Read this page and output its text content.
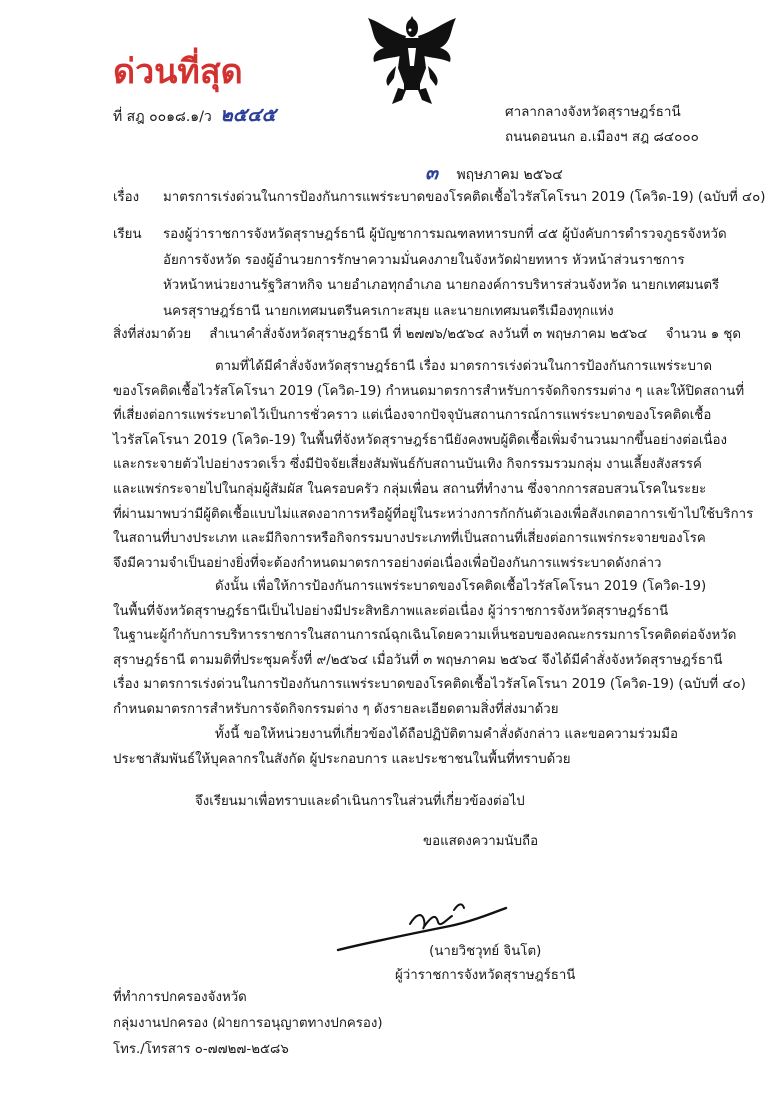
ด่วนที่สุด
ที่ สฎ ๐๐๑๘.๑/ว ๒๕๔๕	ศาลากลางจังหวัดสุราษฎร์ธานี
ถนนดอนนก อ.เมืองฯ สฎ ๘๔๐๐๐
๓ พฤษภาคม ๒๕๖๔
เรื่อง มาตรการเร่งด่วนในการป้องกันการแพร่ระบาดของโรคติดเชื้อไวรัสโคโรนา 2019 (โควิด-19) (ฉบับที่ ๔๐)
เรียน รองผู้ว่าราชการจังหวัดสุราษฎร์ธานี ผู้บัญชาการมณฑลทหารบกที่ ๔๕ ผู้บังคับการตำรวจภูธรจังหวัด
อัยการจังหวัด รองผู้อำนวยการรักษาความมั่นคงภายในจังหวัดฝ่ายทหาร หัวหน้าส่วนราชการ
หัวหน้าหน่วยงานรัฐวิสาหกิจ นายอำเภอทุกอำเภอ นายกองค์การบริหารส่วนจังหวัด นายกเทศมนตรี
นครสุราษฎร์ธานี นายกเทศมนตรีนครเกาะสมุย และนายกเทศมนตรีเมืองทุกแห่ง
สิ่งที่ส่งมาด้วย สำเนาคำสั่งจังหวัดสุราษฎร์ธานี ที่ ๒๗๗๖/๒๕๖๔ ลงวันที่ ๓ พฤษภาคม ๒๕๖๔ จำนวน ๑ ชุด
ตามที่ได้มีคำสั่งจังหวัดสุราษฎร์ธานี เรื่อง มาตรการเร่งด่วนในการป้องกันการแพร่ระบาด
ของโรคติดเชื้อไวรัสโคโรนา 2019 (โควิด-19) กำหนดมาตรการสำหรับการจัดกิจกรรมต่าง ๆ และให้ปิดสถานที่
ที่เสี่ยงต่อการแพร่ระบาดไว้เป็นการชั่วคราว แต่เนื่องจากปัจจุบันสถานการณ์การแพร่ระบาดของโรคติดเชื้อ
ไวรัสโคโรนา 2019 (โควิด-19) ในพื้นที่จังหวัดสุราษฎร์ธานียังคงพบผู้ติดเชื้อเพิ่มจำนวนมากขึ้นอย่างต่อเนื่อง
และกระจายตัวไปอย่างรวดเร็ว ซึ่งมีปัจจัยเสี่ยงสัมพันธ์กับสถานบันเทิง กิจกรรมรวมกลุ่ม งานเลี้ยงสังสรรค์
และแพร่กระจายไปในกลุ่มผู้สัมผัส ในครอบครัว กลุ่มเพื่อน สถานที่ทำงาน ซึ่งจากการสอบสวนโรคในระยะ
ที่ผ่านมาพบว่ามีผู้ติดเชื้อแบบไม่แสดงอาการหรือผู้ที่อยู่ในระหว่างการกักกันตัวเองเพื่อสังเกตอาการเข้าไปใช้บริการ
ในสถานที่บางประเภท และมีกิจการหรือกิจกรรมบางประเภทที่เป็นสถานที่เสี่ยงต่อการแพร่กระจายของโรค
จึงมีความจำเป็นอย่างยิ่งที่จะต้องกำหนดมาตรการอย่างต่อเนื่องเพื่อป้องกันการแพร่ระบาดดังกล่าว
ดังนั้น เพื่อให้การป้องกันการแพร่ระบาดของโรคติดเชื้อไวรัสโคโรนา 2019 (โควิด-19)
ในพื้นที่จังหวัดสุราษฎร์ธานีเป็นไปอย่างมีประสิทธิภาพและต่อเนื่อง ผู้ว่าราชการจังหวัดสุราษฎร์ธานี
ในฐานะผู้กำกับการบริหารราชการในสถานการณ์ฉุกเฉินโดยความเห็นชอบของคณะกรรมการโรคติดต่อจังหวัด
สุราษฎร์ธานี ตามมติที่ประชุมครั้งที่ ๙/๒๕๖๔ เมื่อวันที่ ๓ พฤษภาคม ๒๕๖๔ จึงได้มีคำสั่งจังหวัดสุราษฎร์ธานี
เรื่อง มาตรการเร่งด่วนในการป้องกันการแพร่ระบาดของโรคติดเชื้อไวรัสโคโรนา 2019 (โควิด-19) (ฉบับที่ ๔๐)
กำหนดมาตรการสำหรับการจัดกิจกรรมต่าง ๆ ดังรายละเอียดตามสิ่งที่ส่งมาด้วย
ทั้งนี้ ขอให้หน่วยงานที่เกี่ยวข้องได้ถือปฏิบัติตามคำสั่งดังกล่าว และขอความร่วมมือ
ประชาสัมพันธ์ให้บุคลากรในสังกัด ผู้ประกอบการ และประชาชนในพื้นที่ทราบด้วย
จึงเรียนมาเพื่อทราบและดำเนินการในส่วนที่เกี่ยวข้องต่อไป
ขอแสดงความนับถือ
(นายวิชวุทย์ จินโต)
ผู้ว่าราชการจังหวัดสุราษฎร์ธานี
ที่ทำการปกครองจังหวัด
กลุ่มงานปกครอง (ฝ่ายการอนุญาตทางปกครอง)
โทร./โทรสาร ๐-๗๗๒๗-๒๕๘๖
